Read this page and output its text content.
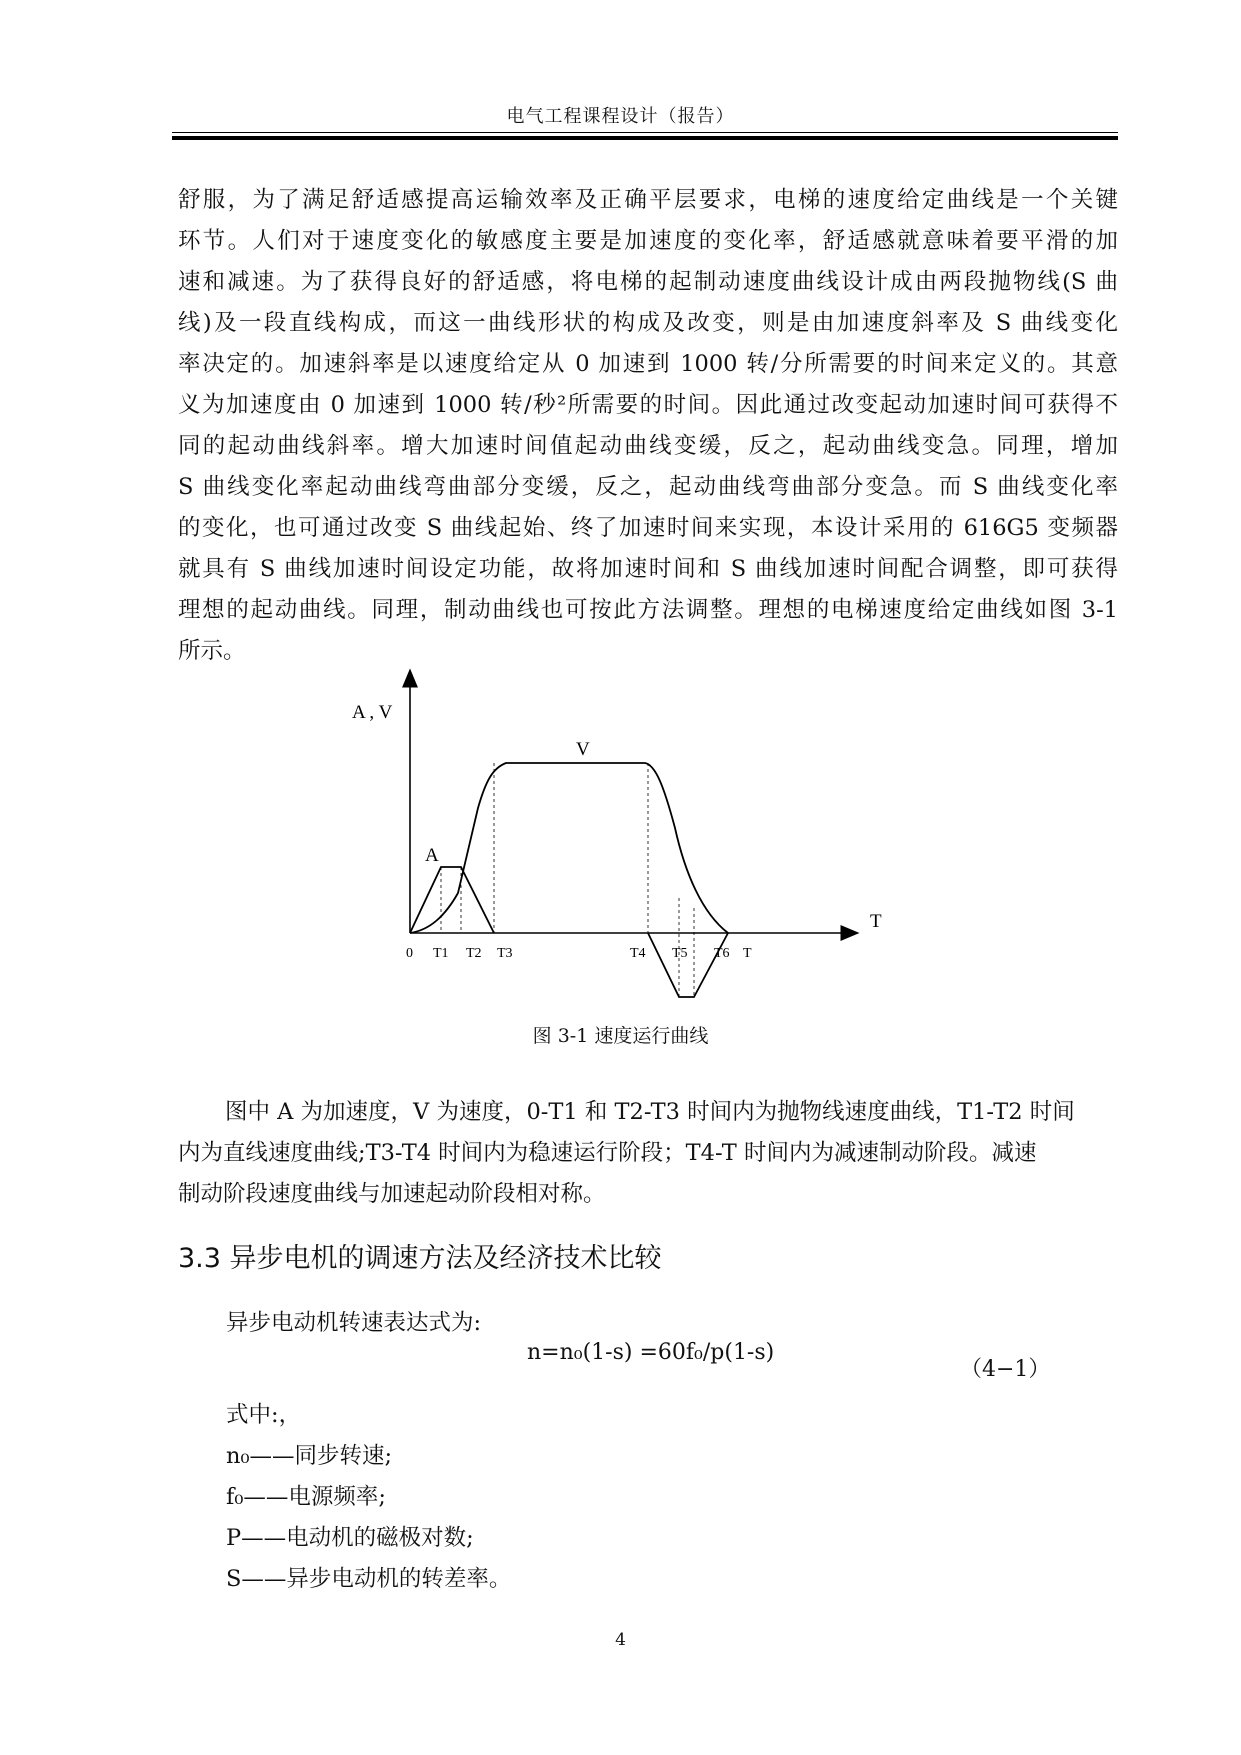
电气工程课程设计（报告）
舒服，为了满足舒适感提高运输效率及正确平层要求，电梯的速度给定曲线是一个关键
环节。人们对于速度变化的敏感度主要是加速度的变化率，舒适感就意味着要平滑的加
速和减速。为了获得良好的舒适感，将电梯的起制动速度曲线设计成由两段抛物线(S 曲
线)及一段直线构成，而这一曲线形状的构成及改变，则是由加速度斜率及 S 曲线变化
率决定的。加速斜率是以速度给定从 0 加速到 1000 转/分所需要的时间来定义的。其意
义为加速度由 0 加速到 1000 转/秒²所需要的时间。因此通过改变起动加速时间可获得不
同的起动曲线斜率。增大加速时间值起动曲线变缓，反之，起动曲线变急。同理，增加
S 曲线变化率起动曲线弯曲部分变缓，反之，起动曲线弯曲部分变急。而 S 曲线变化率
的变化，也可通过改变 S 曲线起始、终了加速时间来实现，本设计采用的 616G5 变频器
就具有 S 曲线加速时间设定功能，故将加速时间和 S 曲线加速时间配合调整，即可获得
理想的起动曲线。同理，制动曲线也可按此方法调整。理想的电梯速度给定曲线如图 3-1
所示。
A , V
T
V
A
0 T1 T2 T3	T4 T5 T6 T
图 3-1 速度运行曲线
图中 A 为加速度，V 为速度，0-T1 和 T2-T3 时间内为抛物线速度曲线，T1-T2 时间
内为直线速度曲线;T3-T4 时间内为稳速运行阶段；T4-T 时间内为减速制动阶段。减速
制动阶段速度曲线与加速起动阶段相对称。
3.3 异步电机的调速方法及经济技术比较
异步电动机转速表达式为:
n=n₀(1-s) =60f₀/p(1-s)
（4−1）
式中:，
n₀——同步转速;
f₀——电源频率;
P——电动机的磁极对数;
S——异步电动机的转差率。
4
